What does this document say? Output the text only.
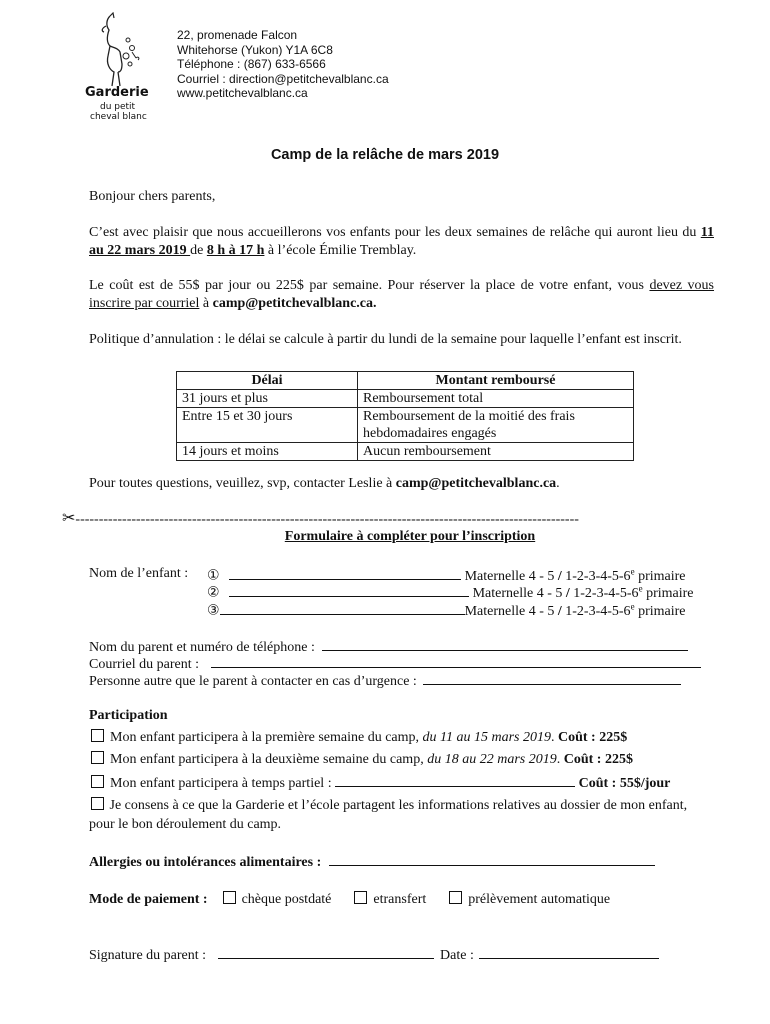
Garderie
du petit
cheval blanc
22, promenade Falcon
Whitehorse (Yukon) Y1A 6C8
Téléphone : (867) 633-6566
Courriel : direction@petitchevalblanc.ca
www.petitchevalblanc.ca
Camp de la relâche de mars 2019
Bonjour chers parents,
C’est avec plaisir que nous accueillerons vos enfants pour les deux semaines de relâche qui auront lieu du 11 au 22 mars 2019 de 8 h à 17 h à l’école Émilie Tremblay.
Le coût est de 55$ par jour ou 225$ par semaine. Pour réserver la place de votre enfant, vous devez vous inscrire par courriel à camp@petitchevalblanc.ca.
Politique d’annulation : le délai se calcule à partir du lundi de la semaine pour laquelle l’enfant est inscrit.
Délai	Montant remboursé
31 jours et plus	Remboursement total
Entre 15 et 30 jours	Remboursement de la moitié des frais hebdomadaires engagés
14 jours et moins	Aucun remboursement
Pour toutes questions, veuillez, svp, contacter Leslie à camp@petitchevalblanc.ca.
✂------------------------------------------------------------------------------------------------------------
Formulaire à compléter pour l’inscription
Nom de l’enfant : ①	Maternelle 4 - 5 / 1-2-3-4-5-6e primaire
②	Maternelle 4 - 5 / 1-2-3-4-5-6e primaire
③	Maternelle 4 - 5 / 1-2-3-4-5-6e primaire
Nom du parent et numéro de téléphone :
Courriel du parent :
Personne autre que le parent à contacter en cas d’urgence :
Participation
Mon enfant participera à la première semaine du camp, du 11 au 15 mars 2019. Coût : 225$
Mon enfant participera à la deuxième semaine du camp, du 18 au 22 mars 2019. Coût : 225$
Mon enfant participera à temps partiel :	Coût : 55$/jour
Je consens à ce que la Garderie et l’école partagent les informations relatives au dossier de mon enfant, pour le bon déroulement du camp.
Allergies ou intolérances alimentaires :
Mode de paiement : chèque postdaté	etransfert	prélèvement automatique
Signature du parent :	Date :
